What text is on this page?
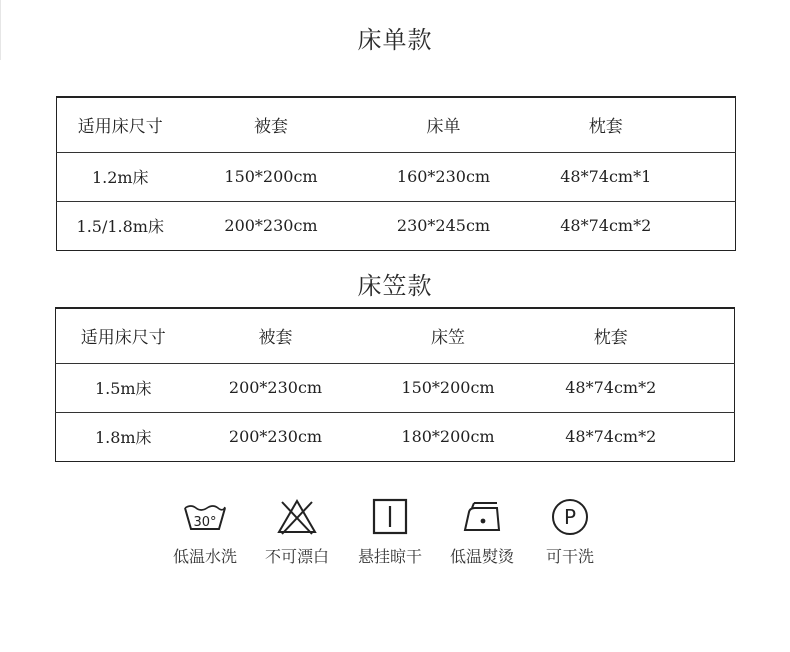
床单款
适用床尺寸	被套	床单	枕套
1.2m床	150*200cm	160*230cm	48*74cm*1
1.5/1.8m床	200*230cm	230*245cm	48*74cm*2
床笠款
适用床尺寸	被套	床笠	枕套
1.5m床	200*230cm	150*200cm	48*74cm*2
1.8m床	200*230cm	180*200cm	48*74cm*2
30°
低温水洗	不可漂白	悬挂晾干	低温熨烫
P
可干洗
